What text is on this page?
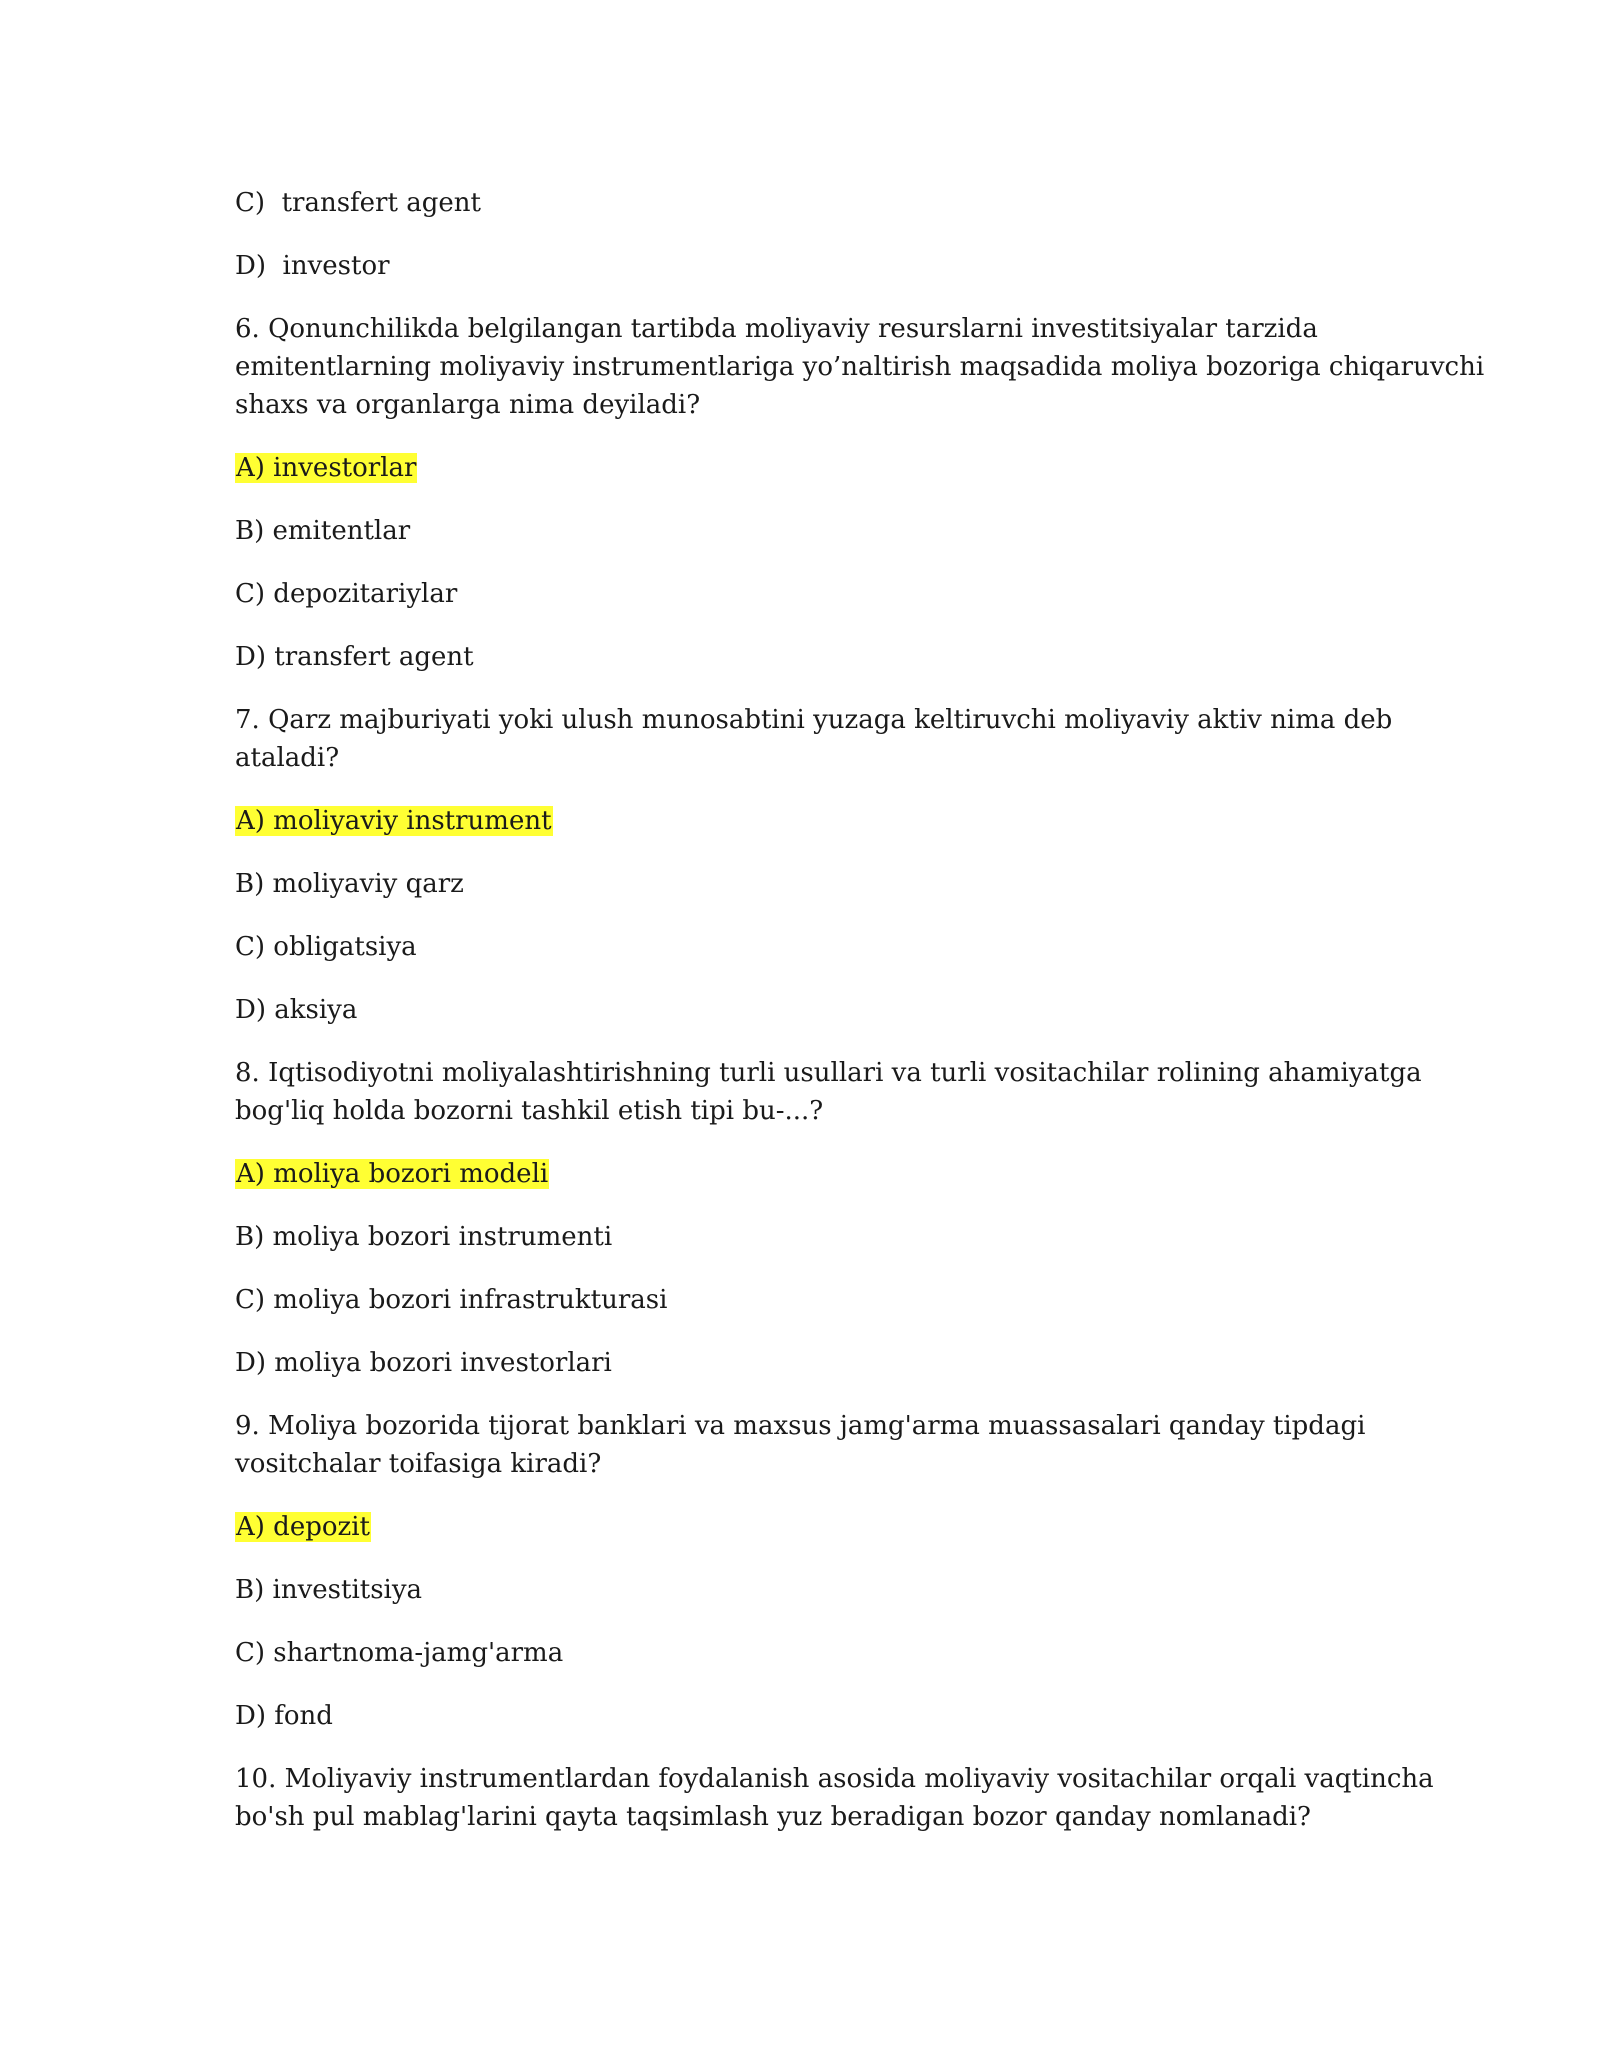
C) transfert agent
D) investor
6. Qonunchilikda belgilangan tartibda moliyaviy resurslarni investitsiyalar tarzida
emitentlarning moliyaviy instrumentlariga yo’naltirish maqsadida moliya bozoriga chiqaruvchi
shaxs va organlarga nima deyiladi?
A) investorlar
B) emitentlar
C) depozitariylar
D) transfert agent
7. Qarz majburiyati yoki ulush munosabtini yuzaga keltiruvchi moliyaviy aktiv nima deb
ataladi?
A) moliyaviy instrument
B) moliyaviy qarz
C) obligatsiya
D) aksiya
8. Iqtisodiyotni moliyalashtirishning turli usullari va turli vositachilar rolining ahamiyatga
bog'liq holda bozorni tashkil etish tipi bu-...?
A) moliya bozori modeli
B) moliya bozori instrumenti
C) moliya bozori infrastrukturasi
D) moliya bozori investorlari
9. Moliya bozorida tijorat banklari va maxsus jamg'arma muassasalari qanday tipdagi
vositchalar toifasiga kiradi?
A) depozit
B) investitsiya
C) shartnoma-jamg'arma
D) fond
10. Moliyaviy instrumentlardan foydalanish asosida moliyaviy vositachilar orqali vaqtincha
bo'sh pul mablag'larini qayta taqsimlash yuz beradigan bozor qanday nomlanadi?
